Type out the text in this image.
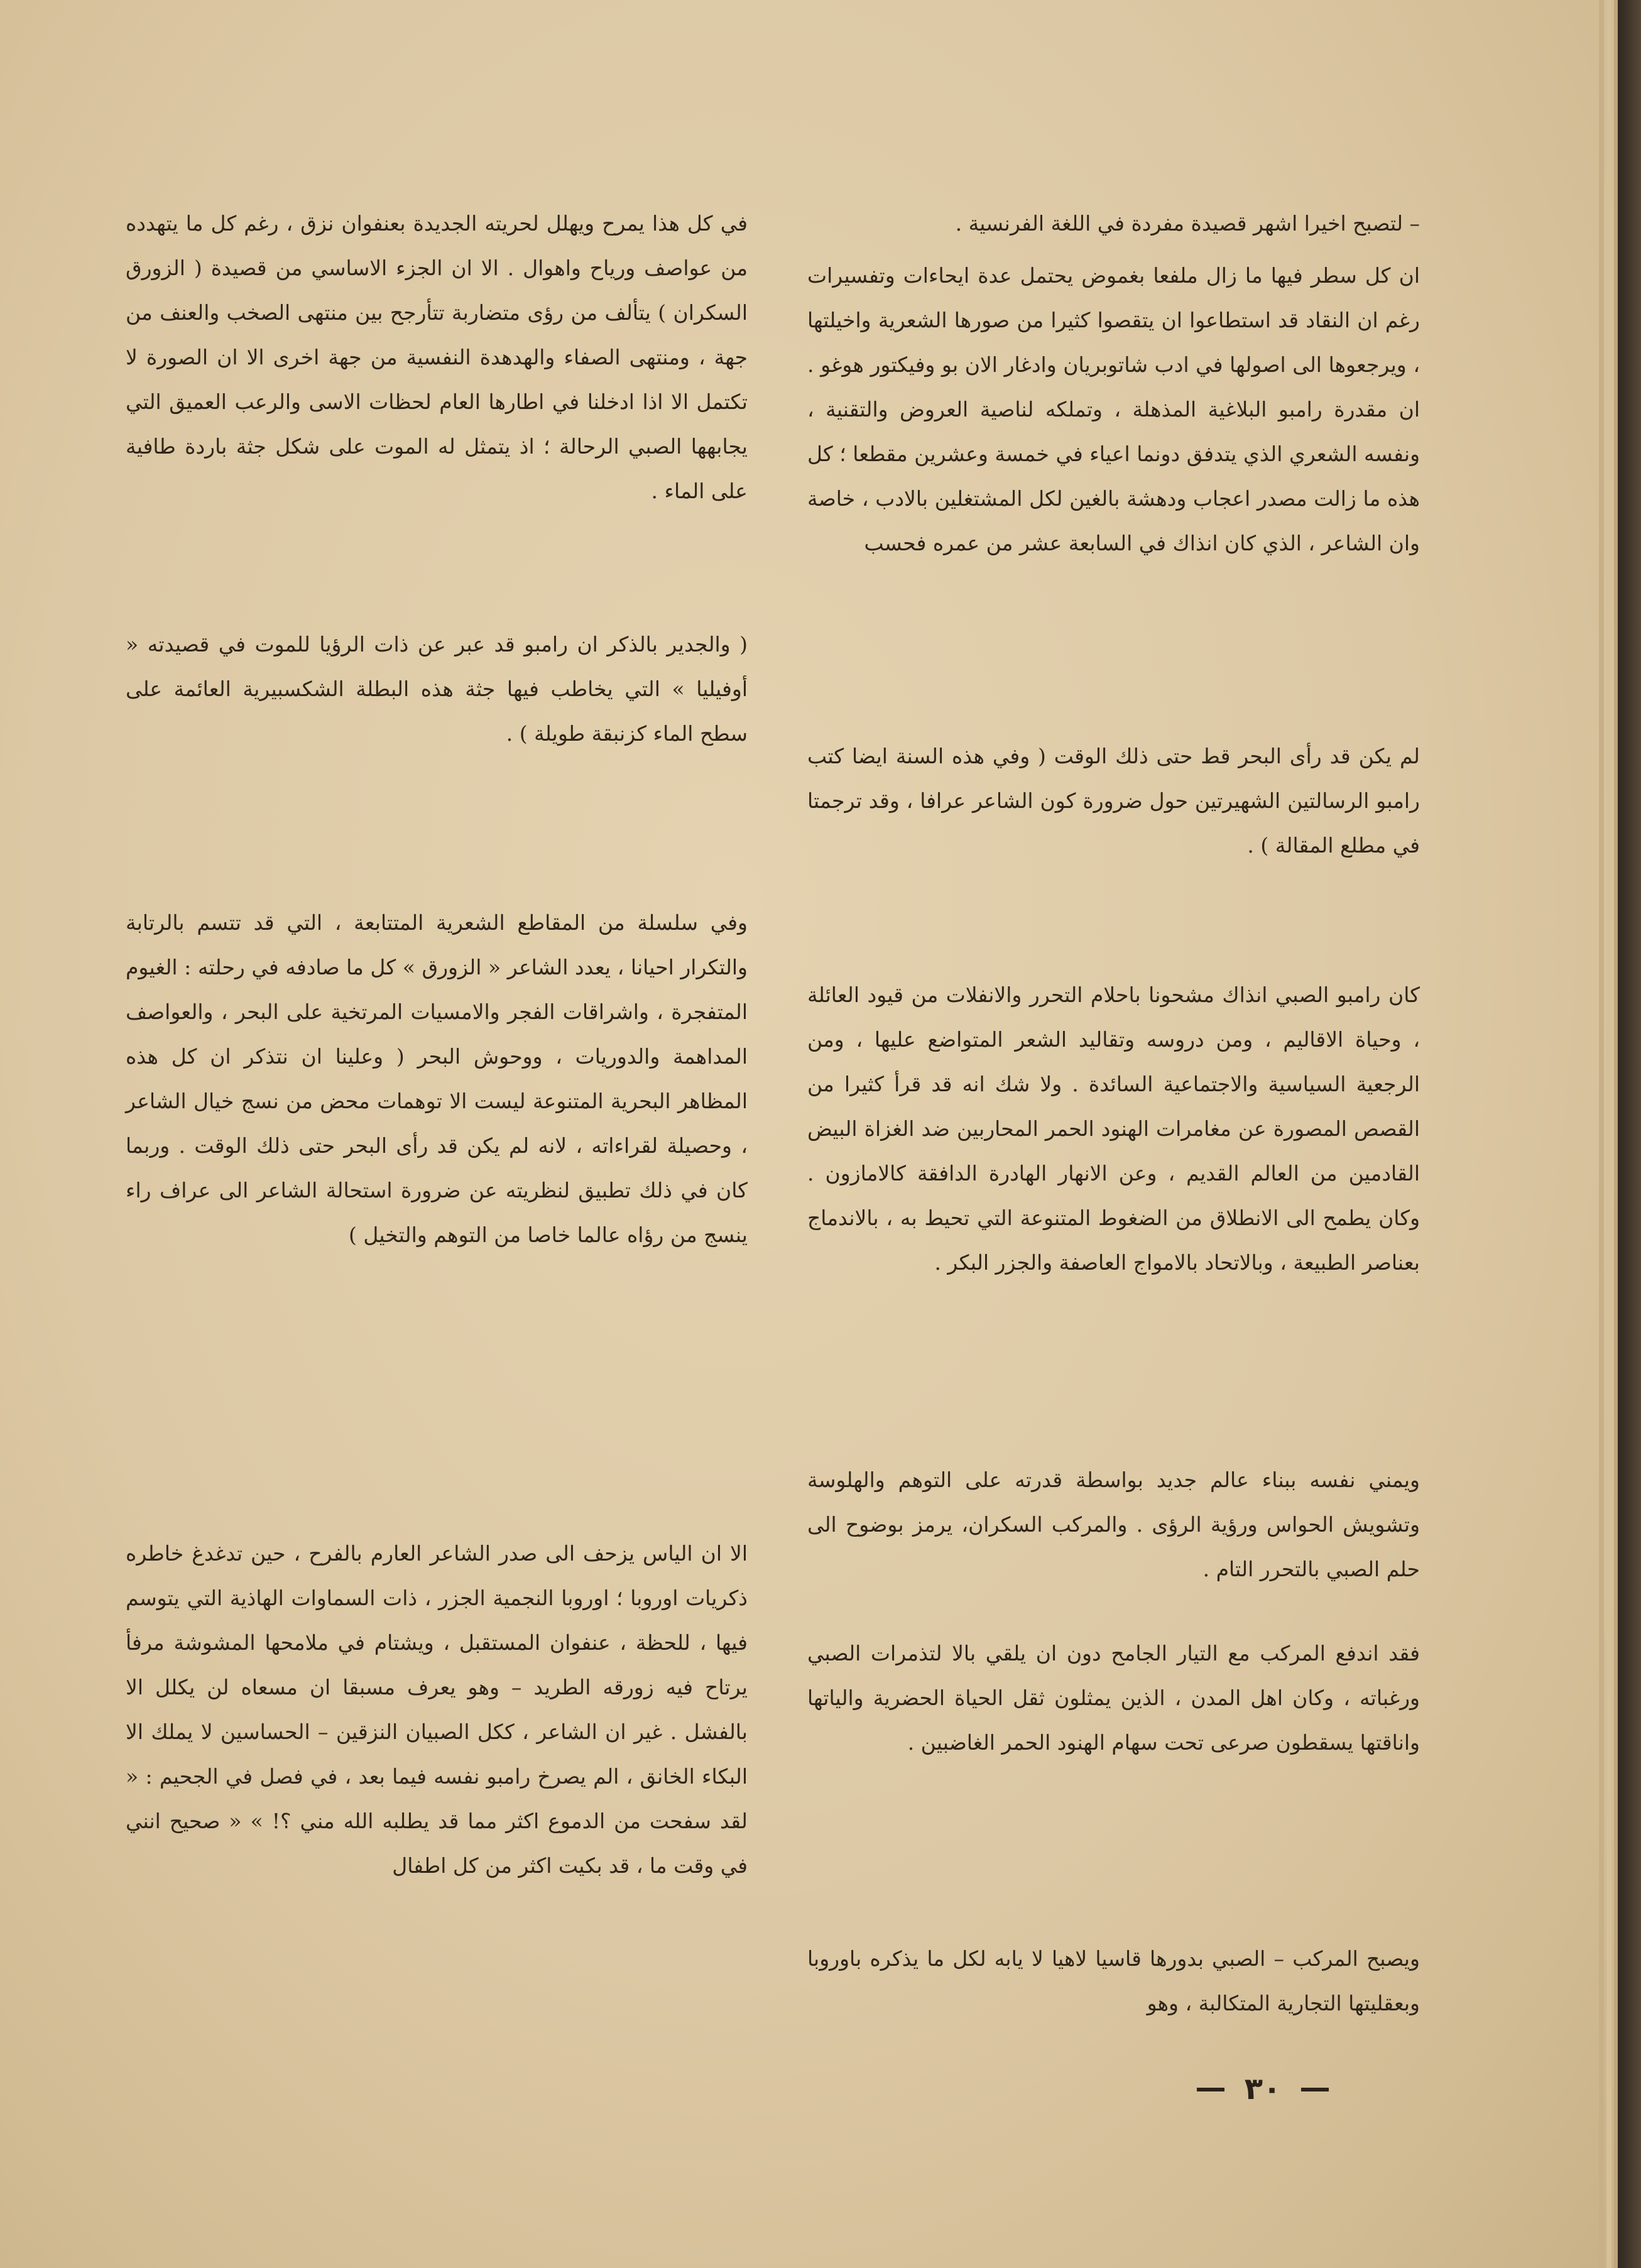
– لتصبح اخيرا اشهر قصيدة مفردة في اللغة الفرنسية .

ان كل سطر فيها ما زال ملفعا بغموض يحتمل عدة ايحاءات وتفسيرات رغم ان النقاد قد استطاعوا ان يتقصوا كثيرا من صورها الشعرية واخيلتها ، ويرجعوها الى اصولها في ادب شاتوبريان وادغار الان بو وفيكتور هوغو . ان مقدرة رامبو البلاغية المذهلة ، وتملكه لناصية العروض والتقنية ، ونفسه الشعري الذي يتدفق دونما اعياء في خمسة وعشرين مقطعا ؛ كل هذه ما زالت مصدر اعجاب ودهشة بالغين لكل المشتغلين بالادب ، خاصة وان الشاعر ، الذي كان انذاك في السابعة عشر من عمره فحسب

لم يكن قد رأى البحر قط حتى ذلك الوقت ( وفي هذه السنة ايضا كتب رامبو الرسالتين الشهيرتين حول ضرورة كون الشاعر عرافا ، وقد ترجمتا في مطلع المقالة ) .

كان رامبو الصبي انذاك مشحونا باحلام التحرر والانفلات من قيود العائلة ، وحياة الاقاليم ، ومن دروسه وتقاليد الشعر المتواضع عليها ، ومن الرجعية السياسية والاجتماعية السائدة . ولا شك انه قد قرأ كثيرا من القصص المصورة عن مغامرات الهنود الحمر المحاربين ضد الغزاة البيض القادمين من العالم القديم ، وعن الانهار الهادرة الدافقة كالامازون . وكان يطمح الى الانطلاق من الضغوط المتنوعة التي تحيط به ، بالاندماج بعناصر الطبيعة ، وبالاتحاد بالامواج العاصفة والجزر البكر .

ويمني نفسه ببناء عالم جديد بواسطة قدرته على التوهم والهلوسة وتشويش الحواس ورؤية الرؤى . والمركب السكران، يرمز بوضوح الى حلم الصبي بالتحرر التام .

فقد اندفع المركب مع التيار الجامح دون ان يلقي بالا لتذمرات الصبي ورغباته ، وكان اهل المدن ، الذين يمثلون ثقل الحياة الحضرية والياتها واناقتها يسقطون صرعى تحت سهام الهنود الحمر الغاضبين .

ويصبح المركب – الصبي بدورها قاسيا لاهيا لا يابه لكل ما يذكره باوروبا وبعقليتها التجارية المتكالبة ، وهو

في كل هذا يمرح ويهلل لحريته الجديدة بعنفوان نزق ، رغم كل ما يتهدده من عواصف ورياح واهوال . الا ان الجزء الاساسي من قصيدة ( الزورق السكران ) يتألف من رؤى متضاربة تتأرجح بين منتهى الصخب والعنف من جهة ، ومنتهى الصفاء والهدهدة النفسية من جهة اخرى الا ان الصورة لا تكتمل الا اذا ادخلنا في اطارها العام لحظات الاسى والرعب العميق التي يجابهها الصبي الرحالة ؛ اذ يتمثل له الموت على شكل جثة باردة طافية على الماء .

( والجدير بالذكر ان رامبو قد عبر عن ذات الرؤيا للموت في قصيدته « أوفيليا » التي يخاطب فيها جثة هذه البطلة الشكسبيرية العائمة على سطح الماء كزنبقة طويلة ) .

وفي سلسلة من المقاطع الشعرية المتتابعة ، التي قد تتسم بالرتابة والتكرار احيانا ، يعدد الشاعر « الزورق » كل ما صادفه في رحلته : الغيوم المتفجرة ، واشراقات الفجر والامسيات المرتخية على البحر ، والعواصف المداهمة والدوريات ، ووحوش البحر ( وعلينا ان نتذكر ان كل هذه المظاهر البحرية المتنوعة ليست الا توهمات محض من نسج خيال الشاعر ، وحصيلة لقراءاته ، لانه لم يكن قد رأى البحر حتى ذلك الوقت . وربما كان في ذلك تطبيق لنظريته عن ضرورة استحالة الشاعر الى عراف راء ينسج من رؤاه عالما خاصا من التوهم والتخيل )

الا ان الياس يزحف الى صدر الشاعر العارم بالفرح ، حين تدغدغ خاطره ذكريات اوروبا ؛ اوروبا النجمية الجزر ، ذات السماوات الهاذية التي يتوسم فيها ، للحظة ، عنفوان المستقبل ، ويشتام في ملامحها المشوشة مرفأ يرتاح فيه زورقه الطريد – وهو يعرف مسبقا ان مسعاه لن يكلل الا بالفشل . غير ان الشاعر ، ككل الصبيان النزقين – الحساسين لا يملك الا البكاء الخانق ، الم يصرخ رامبو نفسه فيما بعد ، في فصل في الجحيم : « لقد سفحت من الدموع اكثر مما قد يطلبه الله مني ؟! » « صحيح انني في وقت ما ، قد بكيت اكثر من كل اطفال

٣٠
